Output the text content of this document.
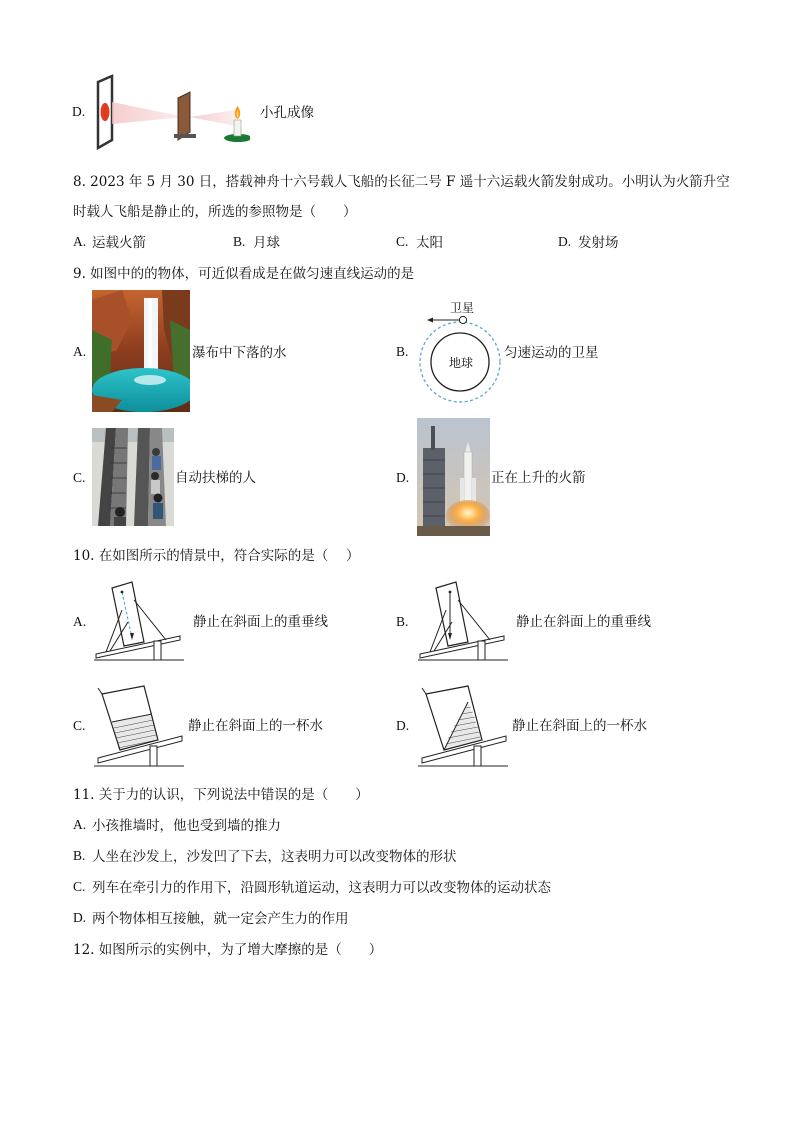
D.	小孔成像
8. 2023 年 5 月 30 日，搭载神舟十六号载人飞船的长征二号 F 遥十六运载火箭发射成功。小明认为火箭升空
时载人飞船是静止的，所选的参照物是（　　）
A. 运载火箭	B. 月球	C. 太阳	D. 发射场
9. 如图中的的物体，可近似看成是在做匀速直线运动的是
A.	瀑布中下落的水	B.
卫星
地球
匀速运动的卫星
C.	自动扶梯的人	D.	正在上升的火箭
10. 在如图所示的情景中，符合实际的是（　 ）
A.	静止在斜面上的重垂线	B.	静止在斜面上的重垂线
C.	静止在斜面上的一杯水	D.	静止在斜面上的一杯水
11. 关于力的认识，下列说法中错误的是（　　）
A. 小孩推墙时，他也受到墙的推力
B. 人坐在沙发上，沙发凹了下去，这表明力可以改变物体的形状
C. 列车在牵引力的作用下，沿圆形轨道运动，这表明力可以改变物体的运动状态
D. 两个物体相互接触，就一定会产生力的作用
12. 如图所示的实例中，为了增大摩擦的是（　　）
